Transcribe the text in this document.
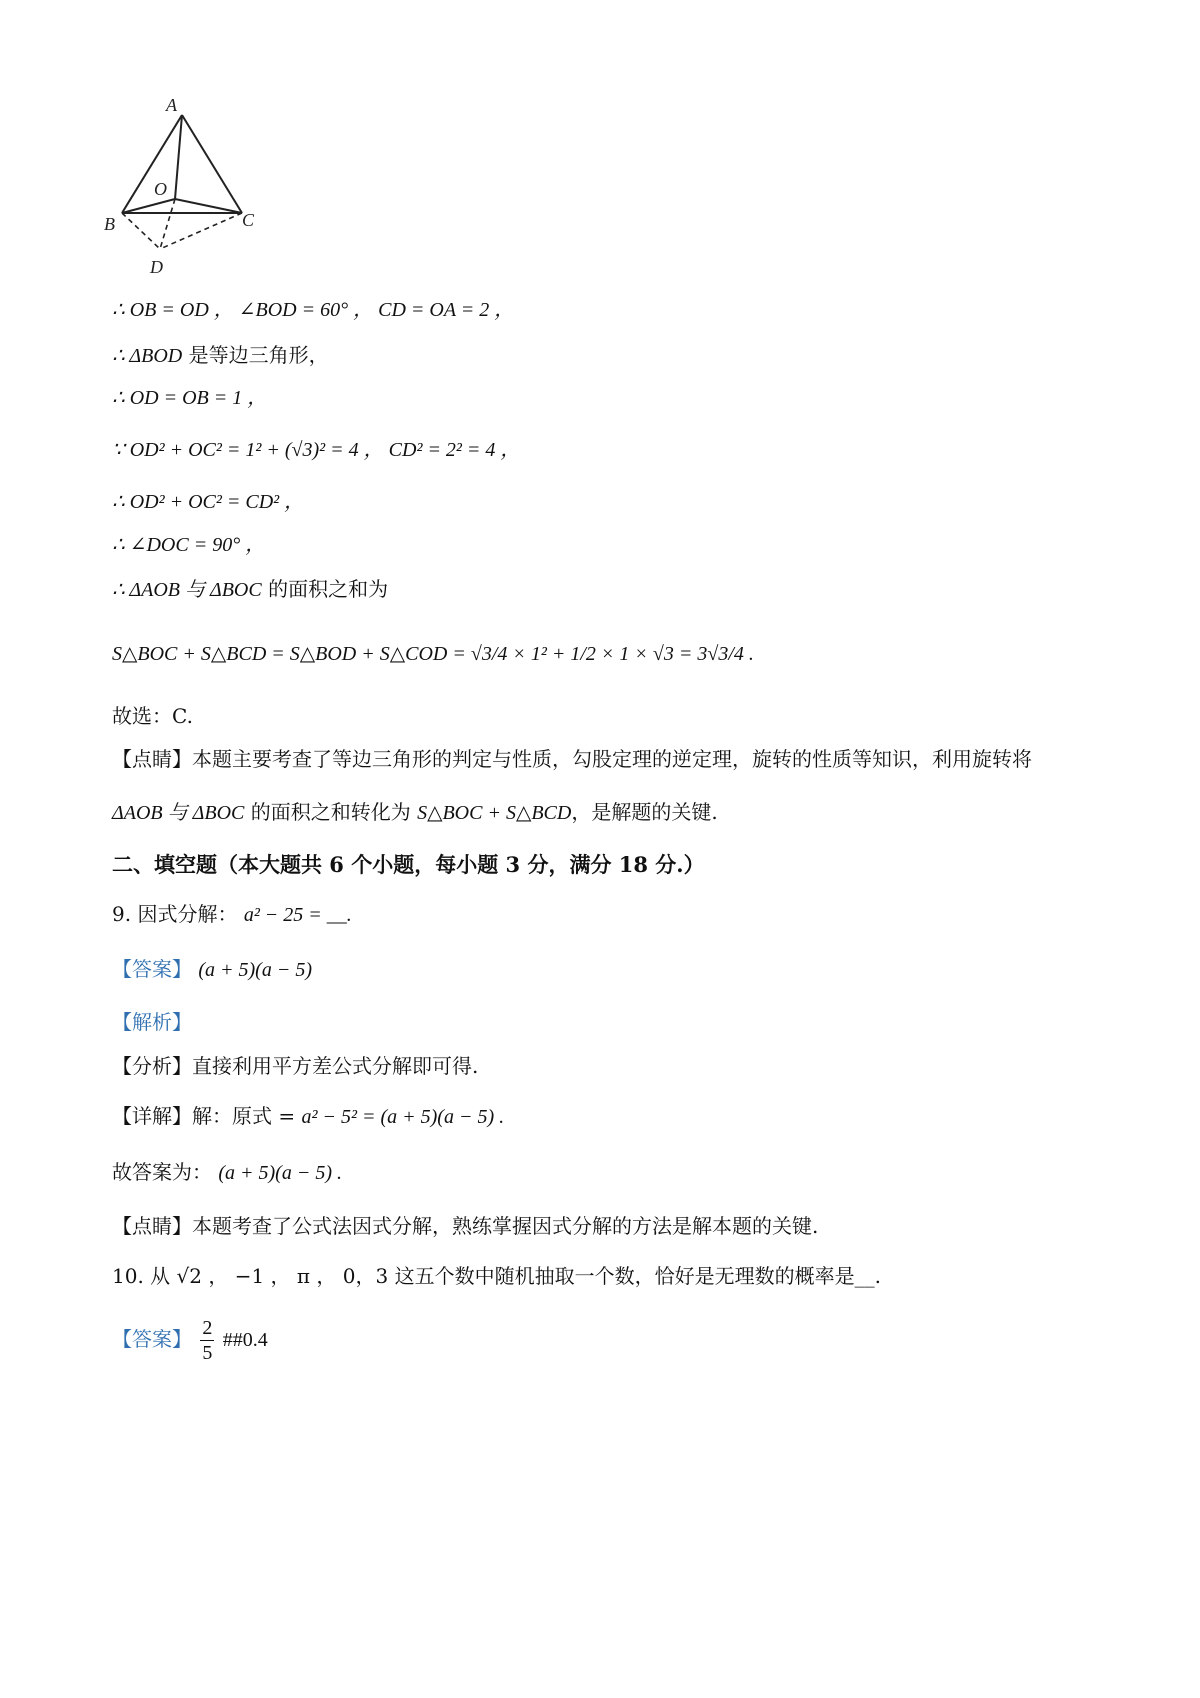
A
O
B	C
D
∴ OB = OD ， ∠BOD = 60° ， CD = OA = 2 ，
∴ ΔBOD 是等边三角形，
∴ OD = OB = 1 ，
∵ OD² + OC² = 1² + (√3)² = 4 ， CD² = 2² = 4 ，
∴ OD² + OC² = CD² ，
∴ ∠DOC = 90° ，
∴ ΔAOB 与 ΔBOC 的面积之和为
S△BOC + S△BCD = S△BOD + S△COD = √3/4 × 1² + 1/2 × 1 × √3 = 3√3/4 .
故选：C.
【点睛】本题主要考查了等边三角形的判定与性质，勾股定理的逆定理，旋转的性质等知识，利用旋转将
ΔAOB 与 ΔBOC 的面积之和转化为 S△BOC + S△BCD，是解题的关键.
二、填空题（本大题共 6 个小题，每小题 3 分，满分 18 分.）
9. 因式分解： a² − 25 = __.
【答案】 (a + 5)(a − 5)
【解析】
【分析】直接利用平方差公式分解即可得.
【详解】解：原式 = a² − 5² = (a + 5)(a − 5) .
故答案为： (a + 5)(a − 5) .
【点睛】本题考查了公式法因式分解，熟练掌握因式分解的方法是解本题的关键.
10. 从 √2 ， −1 ， π ， 0，3 这五个数中随机抽取一个数，恰好是无理数的概率是__.
【答案】 $\frac{2}{5}$ ##0.4
